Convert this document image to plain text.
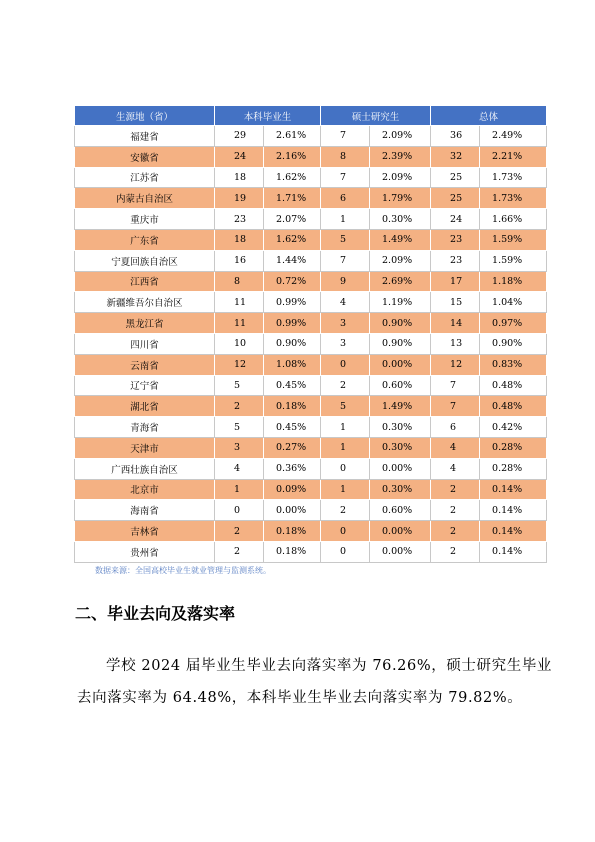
生源地（省）	本科毕业生		硕士研究生		总体	
福建省	29	2.61%	7	2.09%	36	2.49%
安徽省	24	2.16%	8	2.39%	32	2.21%
江苏省	18	1.62%	7	2.09%	25	1.73%
内蒙古自治区	19	1.71%	6	1.79%	25	1.73%
重庆市	23	2.07%	1	0.30%	24	1.66%
广东省	18	1.62%	5	1.49%	23	1.59%
宁夏回族自治区	16	1.44%	7	2.09%	23	1.59%
江西省	8	0.72%	9	2.69%	17	1.18%
新疆维吾尔自治区	11	0.99%	4	1.19%	15	1.04%
黑龙江省	11	0.99%	3	0.90%	14	0.97%
四川省	10	0.90%	3	0.90%	13	0.90%
云南省	12	1.08%	0	0.00%	12	0.83%
辽宁省	5	0.45%	2	0.60%	7	0.48%
湖北省	2	0.18%	5	1.49%	7	0.48%
青海省	5	0.45%	1	0.30%	6	0.42%
天津市	3	0.27%	1	0.30%	4	0.28%
广西壮族自治区	4	0.36%	0	0.00%	4	0.28%
北京市	1	0.09%	1	0.30%	2	0.14%
海南省	0	0.00%	2	0.60%	2	0.14%
吉林省	2	0.18%	0	0.00%	2	0.14%
贵州省	2	0.18%	0	0.00%	2	0.14%
数据来源：全国高校毕业生就业管理与监测系统。
二、毕业去向及落实率
学校 2024 届毕业生毕业去向落实率为 76.26%，硕士研究生毕业去向落实率为 64.48%，本科毕业生毕业去向落实率为 79.82%。
